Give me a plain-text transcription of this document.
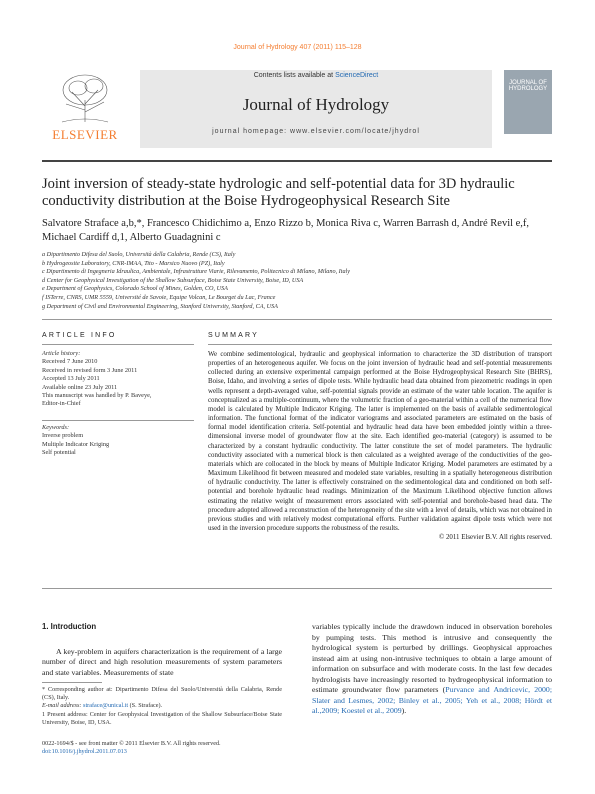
Journal of Hydrology 407 (2011) 115–128
ELSEVIER
Contents lists available at ScienceDirect
Journal of Hydrology
journal homepage: www.elsevier.com/locate/jhydrol
JOURNAL OF HYDROLOGY
Joint inversion of steady-state hydrologic and self-potential data for 3D hydraulic conductivity distribution at the Boise Hydrogeophysical Research Site
Salvatore Straface a,b,*, Francesco Chidichimo a, Enzo Rizzo b, Monica Riva c, Warren Barrash d, André Revil e,f, Michael Cardiff d,1, Alberto Guadagnini c
a Dipartimento Difesa del Suolo, Università della Calabria, Rende (CS), Italy
b Hydrogeosite Laboratory, CNR-IMAA, Tito - Marsico Nuovo (PZ), Italy
c Dipartimento di Ingegneria Idraulica, Ambientale, Infrastrutture Viarie, Rilevamento, Politecnico di Milano, Milano, Italy
d Center for Geophysical Investigation of the Shallow Subsurface, Boise State University, Boise, ID, USA
e Department of Geophysics, Colorado School of Mines, Golden, CO, USA
f ISTerre, CNRS, UMR 5559, Université de Savoie, Equipe Volcan, Le Bourget du Lac, France
g Department of Civil and Environmental Engineering, Stanford University, Stanford, CA, USA
ARTICLE INFO	SUMMARY
Article history:
Received 7 June 2010
Received in revised form 3 June 2011
Accepted 13 July 2011
Available online 23 July 2011
This manuscript was handled by P. Baveye,
Editor-in-Chief
Keywords:
Inverse problem
Multiple Indicator Kriging
Self potential
We combine sedimentological, hydraulic and geophysical information to characterize the 3D distribution of transport properties of an heterogeneous aquifer. We focus on the joint inversion of hydraulic head and self-potential measurements collected during an extensive experimental campaign performed at the Boise Hydrogeophysical Research Site (BHRS), Boise, Idaho, and involving a series of dipole tests. While hydraulic head data obtained from piezometric readings in open wells represent a depth-averaged value, self-potential signals provide an estimate of the water table location. The aquifer is conceptualized as a multiple-continuum, where the volumetric fraction of a geo-material within a cell of the numerical flow model is calculated by Multiple Indicator Kriging. The latter is implemented on the basis of available sedimentological information. The functional format of the indicator variograms and associated parameters are estimated on the basis of formal model identification criteria. Self-potential and hydraulic head data have been embedded jointly within a three-dimensional inverse model of groundwater flow at the site. Each identified geo-material (category) is assumed to be characterized by a constant hydraulic conductivity. The latter constitute the set of model parameters. The hydraulic conductivity associated with a numerical block is then calculated as a weighted average of the conductivities of the geo-materials which are collocated in the block by means of Multiple Indicator Kriging. Model parameters are estimated by a Maximum Likelihood fit between measured and modeled state variables, resulting in a spatially heterogeneous distribution of hydraulic conductivity. The latter is effectively constrained on the sedimentological data and conditioned on both self-potential and borehole hydraulic head readings. Minimization of the Maximum Likelihood objective function allows estimating the relative weight of measurement errors associated with self-potential and borehole-based head data. The procedure adopted allowed a reconstruction of the heterogeneity of the site with a level of details, which was not obtained in previous studies and with relatively modest computational efforts. Further validation against dipole tests which were not used in the inversion procedure supports the robustness of the results.
© 2011 Elsevier B.V. All rights reserved.
1. Introduction

A key-problem in aquifers characterization is the requirement of a large number of direct and high resolution measurements of system parameters and state variables. Measurements of state

variables typically include the drawdown induced in observation boreholes by pumping tests. This method is intrusive and consequently the hydrological system is perturbed by drillings. Geophysical approaches instead aim at using non-intrusive techniques to obtain a large amount of information on subsurface and with moderate costs. In the last few decades hydrologists have increasingly resorted to hydrogeophysical information to estimate groundwater flow parameters (Purvance and Andricevic, 2000; Slater and Lesmes, 2002; Binley et al., 2005; Yeh et al., 2008; Hördt et al.,2009; Koestel et al., 2009).

* Corresponding author at: Dipartimento Difesa del Suolo/Università della Calabria, Rende (CS), Italy.
E-mail address: straface@unical.it (S. Straface).
1 Present address: Center for Geophysical Investigation of the Shallow Subsurface/Boise State University, Boise, ID, USA.
0022-1694/$ - see front matter © 2011 Elsevier B.V. All rights reserved.
doi:10.1016/j.jhydrol.2011.07.013
